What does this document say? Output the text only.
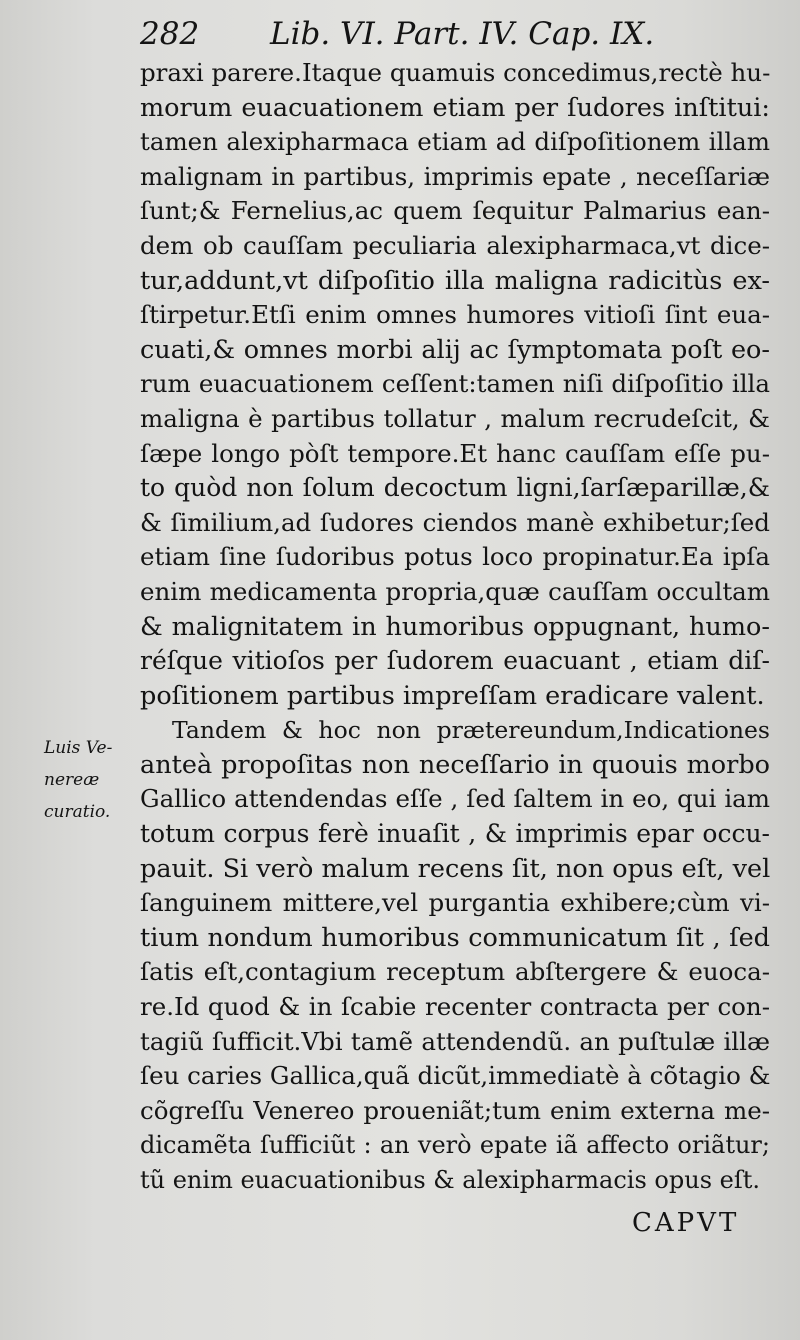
282 Lib. VI. Part. IV. Cap. IX.
praxi parere.Itaque quamuis concedimus,rectè hu-
morum euacuationem etiam per ſudores inſtitui:
tamen alexipharmaca etiam ad diſpoſitionem illam
malignam in partibus, imprimis epate , neceſſariæ
ſunt;& Fernelius,ac quem ſequitur Palmarius ean-
dem ob cauſſam peculiaria alexipharmaca,vt dice-
tur,addunt,vt diſpoſitio illa maligna radicitùs ex-
ſtirpetur.Etſi enim omnes humores vitioſi ſint eua-
cuati,& omnes morbi alij ac ſymptomata poſt eo-
rum euacuationem ceſſent:tamen niſi diſpoſitio illa
maligna è partibus tollatur , malum recrudeſcit, &
ſæpe longo pòſt tempore.Et hanc cauſſam eſſe pu-
to quòd non ſolum decoctum ligni,ſarſæparillæ,&
& ſimilium,ad ſudores ciendos manè exhibetur;ſed
etiam ſine ſudoribus potus loco propinatur.Ea ipſa
enim medicamenta propria,quæ cauſſam occultam
& malignitatem in humoribus oppugnant, humo-
réſque vitioſos per ſudorem euacuant , etiam diſ-
poſitionem partibus impreſſam eradicare valent.
Tandem & hoc non prætereundum,Indicationes
anteà propoſitas non neceſſario in quouis morbo
Gallico attendendas eſſe , ſed ſaltem in eo, qui iam
totum corpus ferè inuaſit , & imprimis epar occu-
pauit. Si verò malum recens ſit, non opus eſt, vel
ſanguinem mittere,vel purgantia exhibere;cùm vi-
tium nondum humoribus communicatum ſit , ſed
ſatis eſt,contagium receptum abſtergere & euoca-
re.Id quod & in ſcabie recenter contracta per con-
tagiũ ſufficit.Vbi tamẽ attendendũ. an puſtulæ illæ
ſeu caries Gallica,quã dicũt,immediatè à cõtagio &
cõgreſſu Venereo proueniãt;tum enim externa me-
dicamẽta ſufficiũt : an verò epate iã affecto oriãtur;
tũ enim euacuationibus & alexipharmacis opus eſt.
Luis Ve-
nereæ
curatio.
CAPVT
